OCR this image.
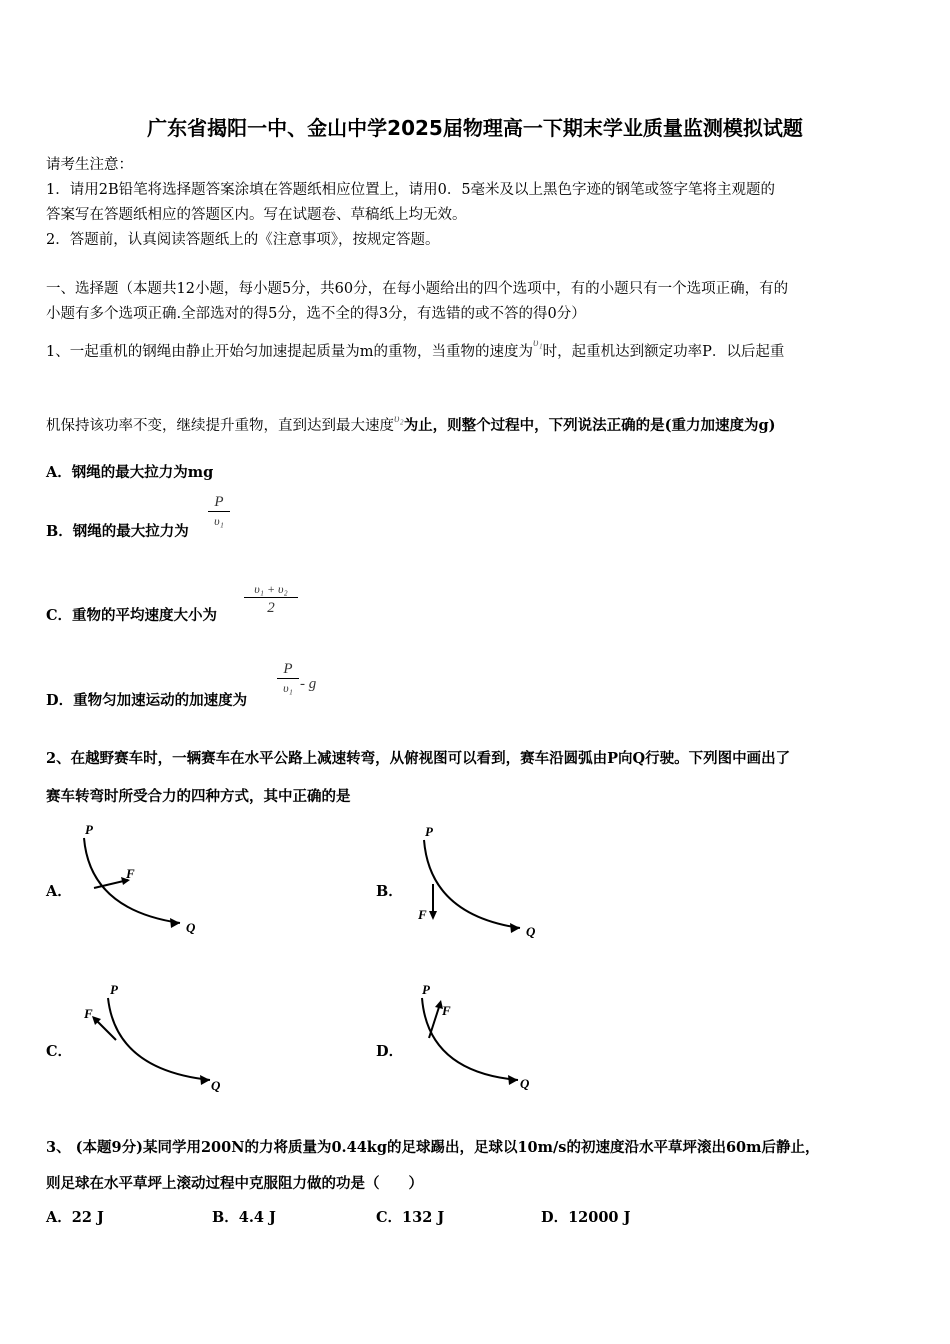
广东省揭阳一中、金山中学2025届物理高一下期末学业质量监测模拟试题
请考生注意：
1．请用2B铅笔将选择题答案涂填在答题纸相应位置上，请用0．5毫米及以上黑色字迹的钢笔或签字笔将主观题的
答案写在答题纸相应的答题区内。写在试题卷、草稿纸上均无效。
2．答题前，认真阅读答题纸上的《注意事项》，按规定答题。
一、选择题（本题共12小题，每小题5分，共60分，在每小题给出的四个选项中，有的小题只有一个选项正确，有的
小题有多个选项正确.全部选对的得5分，选不全的得3分，有选错的或不答的得0分）
1、一起重机的钢绳由静止开始匀加速提起质量为m的重物，当重物的速度为$^{\upsilon_1}$时，起重机达到额定功率P．以后起重
机保持该功率不变，继续提升重物，直到达到最大速度$^{\upsilon_2}$为止，则整个过程中，下列说法正确的是(重力加速度为g)
A．钢绳的最大拉力为mg
B．钢绳的最大拉力为
P
υ₁
C．重物的平均速度大小为
υ₁ + υ₂
2
D．重物匀加速运动的加速度为
P
υ₁ - g
2、在越野赛车时，一辆赛车在水平公路上减速转弯，从俯视图可以看到，赛车沿圆弧由P向Q行驶。下列图中画出了
赛车转弯时所受合力的四种方式，其中正确的是
A．	B．
C．	D．
P
Q
F
P
Q
F
P
Q
F
P
Q
F
3、 (本题9分)某同学用200N的力将质量为0.44kg的足球踢出，足球以10m/s的初速度沿水平草坪滚出60m后静止，
则足球在水平草坪上滚动过程中克服阻力做的功是（　　）
A．22 J	B．4.4 J	C．132 J	D．12000 J
